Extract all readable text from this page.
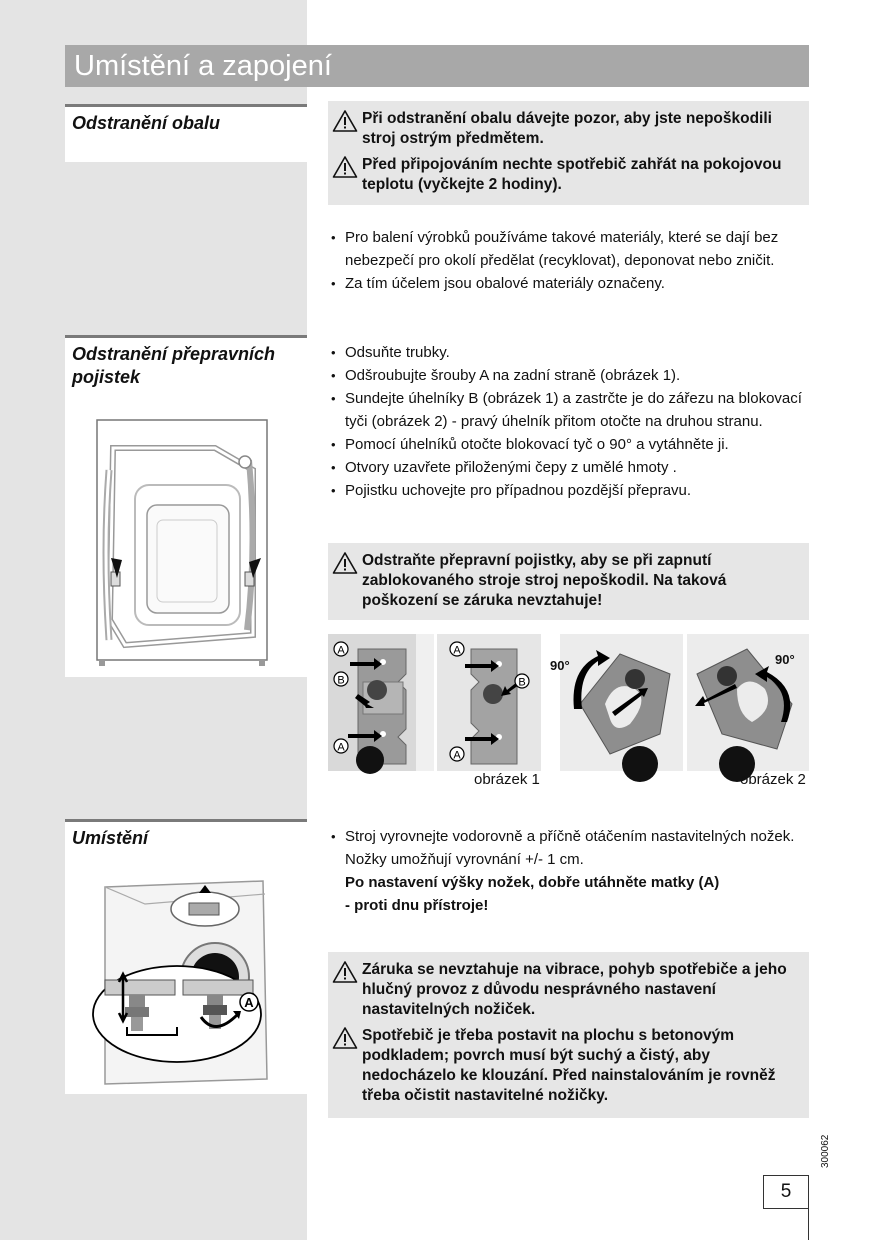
Umístění a zapojení
Odstranění obalu	Při odstranění obalu dávejte pozor, aby jste nepoškodili stroj ostrým předmětem.
Před připojováním nechte spotřebič zahřát na pokojovou teplotu (vyčkejte 2 hodiny).
• Pro balení výrobků používáme takové materiály, které se dají bez nebezpečí pro okolí předělat (recyklovat), deponovat nebo zničit.
• Za tím účelem jsou obalové materiály označeny.
Odstranění přepravních pojistek
• Odsuňte trubky.
• Odšroubujte šrouby A na zadní straně (obrázek 1).
• Sundejte úhelníky B (obrázek 1) a zastrčte je do zářezu na blokovací tyči (obrázek 2) - pravý úhelník přitom otočte na druhou stranu.
• Pomocí úhelníků otočte blokovací tyč o 90° a vytáhněte ji.
• Otvory uzavřete přiloženými čepy z umělé hmoty .
• Pojistku uchovejte pro případnou pozdější přepravu.
Odstraňte přepravní pojistky, aby se při zapnutí zablokovaného stroje stroj nepoškodil. Na taková poškození se záruka nevztahuje!
A
B
A
A
B
A
90°	90°
obrázek 1	obrázek 2
Umístění
A
• Stroj vyrovnejte vodorovně a příčně otáčením nastavitelných nožek.
Nožky umožňují vyrovnání +/- 1 cm.
Po nastavení výšky nožek, dobře utáhněte matky (A)
- proti dnu přístroje!
Záruka se nevztahuje na vibrace, pohyb spotřebiče a jeho hlučný provoz z důvodu nesprávného nastavení nastavitelných nožiček.
Spotřebič je třeba postavit na plochu s betonovým podkladem; povrch musí být suchý a čistý, aby nedocházelo ke klouzání. Před nainstalováním je rovněž třeba očistit nastavitelné nožičky.
300062
5
